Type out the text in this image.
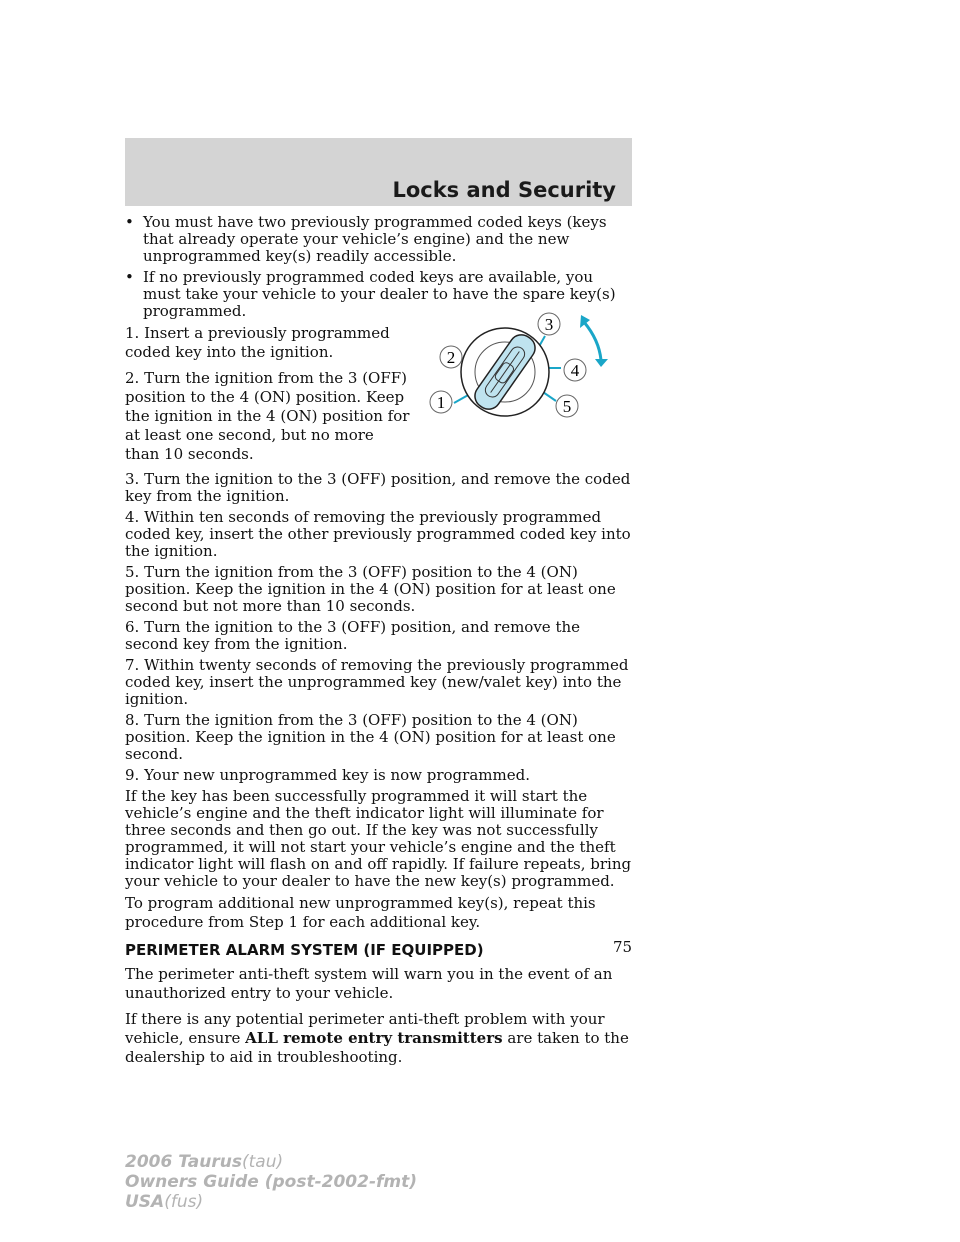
Locks and Security
2
3
4
5
1
• You must have two previously programmed coded keys (keys that already operate your vehicle’s engine) and the new unprogrammed key(s) readily accessible.
• If no previously programmed coded keys are available, you must take your vehicle to your dealer to have the spare key(s) programmed.

1. Insert a previously programmed coded key into the ignition.

2. Turn the ignition from the 3 (OFF) position to the 4 (ON) position. Keep the ignition in the 4 (ON) position for at least one second, but no more than 10 seconds.

3. Turn the ignition to the 3 (OFF) position, and remove the coded key from the ignition.

4. Within ten seconds of removing the previously programmed coded key, insert the other previously programmed coded key into the ignition.

5. Turn the ignition from the 3 (OFF) position to the 4 (ON) position. Keep the ignition in the 4 (ON) position for at least one second but not more than 10 seconds.

6. Turn the ignition to the 3 (OFF) position, and remove the second key from the ignition.

7. Within twenty seconds of removing the previously programmed coded key, insert the unprogrammed key (new/valet key) into the ignition.

8. Turn the ignition from the 3 (OFF) position to the 4 (ON) position. Keep the ignition in the 4 (ON) position for at least one second.

9. Your new unprogrammed key is now programmed.

If the key has been successfully programmed it will start the vehicle’s engine and the theft indicator light will illuminate for three seconds and then go out. If the key was not successfully programmed, it will not start your vehicle’s engine and the theft indicator light will flash on and off rapidly. If failure repeats, bring your vehicle to your dealer to have the new key(s) programmed.

To program additional new unprogrammed key(s), repeat this procedure from Step 1 for each additional key.

PERIMETER ALARM SYSTEM (IF EQUIPPED)

The perimeter anti-theft system will warn you in the event of an unauthorized entry to your vehicle.

If there is any potential perimeter anti-theft problem with your vehicle, ensure ALL remote entry transmitters are taken to the dealership to aid in troubleshooting.

75
2006 Taurus(tau)
Owners Guide (post-2002-fmt)
USA(fus)
